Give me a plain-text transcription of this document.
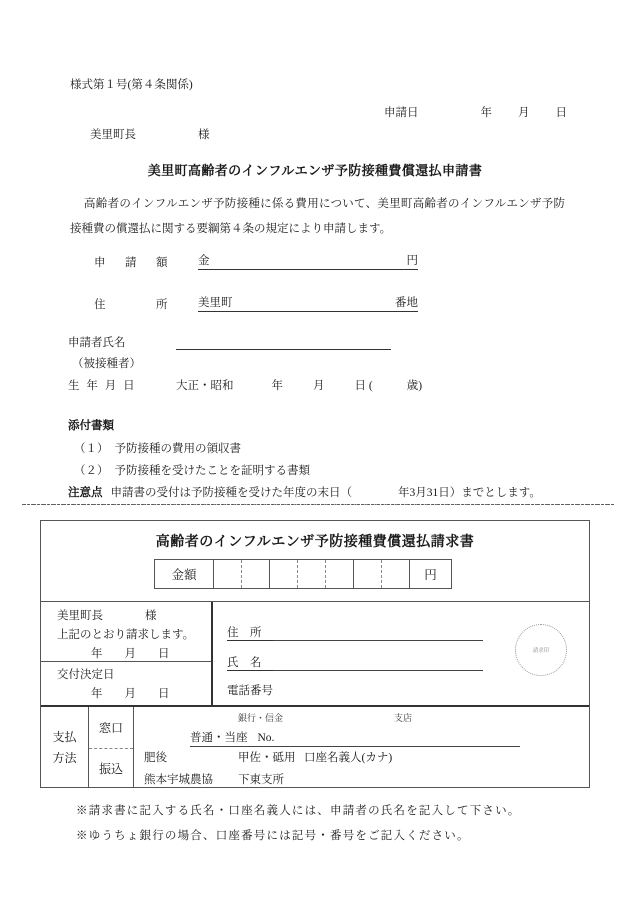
様式第１号(第４条関係)
申請日	年 月 日
美里町長	様
美里町高齢者のインフルエンザ予防接種費償還払申請書
高齢者のインフルエンザ予防接種に係る費用について、美里町高齢者のインフルエンザ予防接種費の償還払に関する要綱第４条の規定により申請します。
申　請　額	金	円
住　　　所	美里町	番地
申請者氏名
（被接種者）
生 年 月 日	大正・昭和	年	月	日 (	歳)
添付書類
（１） 予防接種の費用の領収書
（２） 予防接種を受けたことを証明する書類
注意点 申請書の受付は予防接種を受けた年度の末日（　　　　年3月31日）までとします。
高齢者のインフルエンザ予防接種費償還払請求書
金額	円
美里町長	様
上記のとおり請求します。
年 月 日
交付決定日
年 月 日
住　所
氏　名
電話番号
請求印
支払
方法
窓口
振込
銀行・信金	支店
普通・当座 No.
肥後	甲佐・砥用 口座名義人(カナ)
熊本宇城農協 下東支所
※請求書に記入する氏名・口座名義人には、申請者の氏名を記入して下さい。
※ゆうちょ銀行の場合、口座番号には記号・番号をご記入ください。
